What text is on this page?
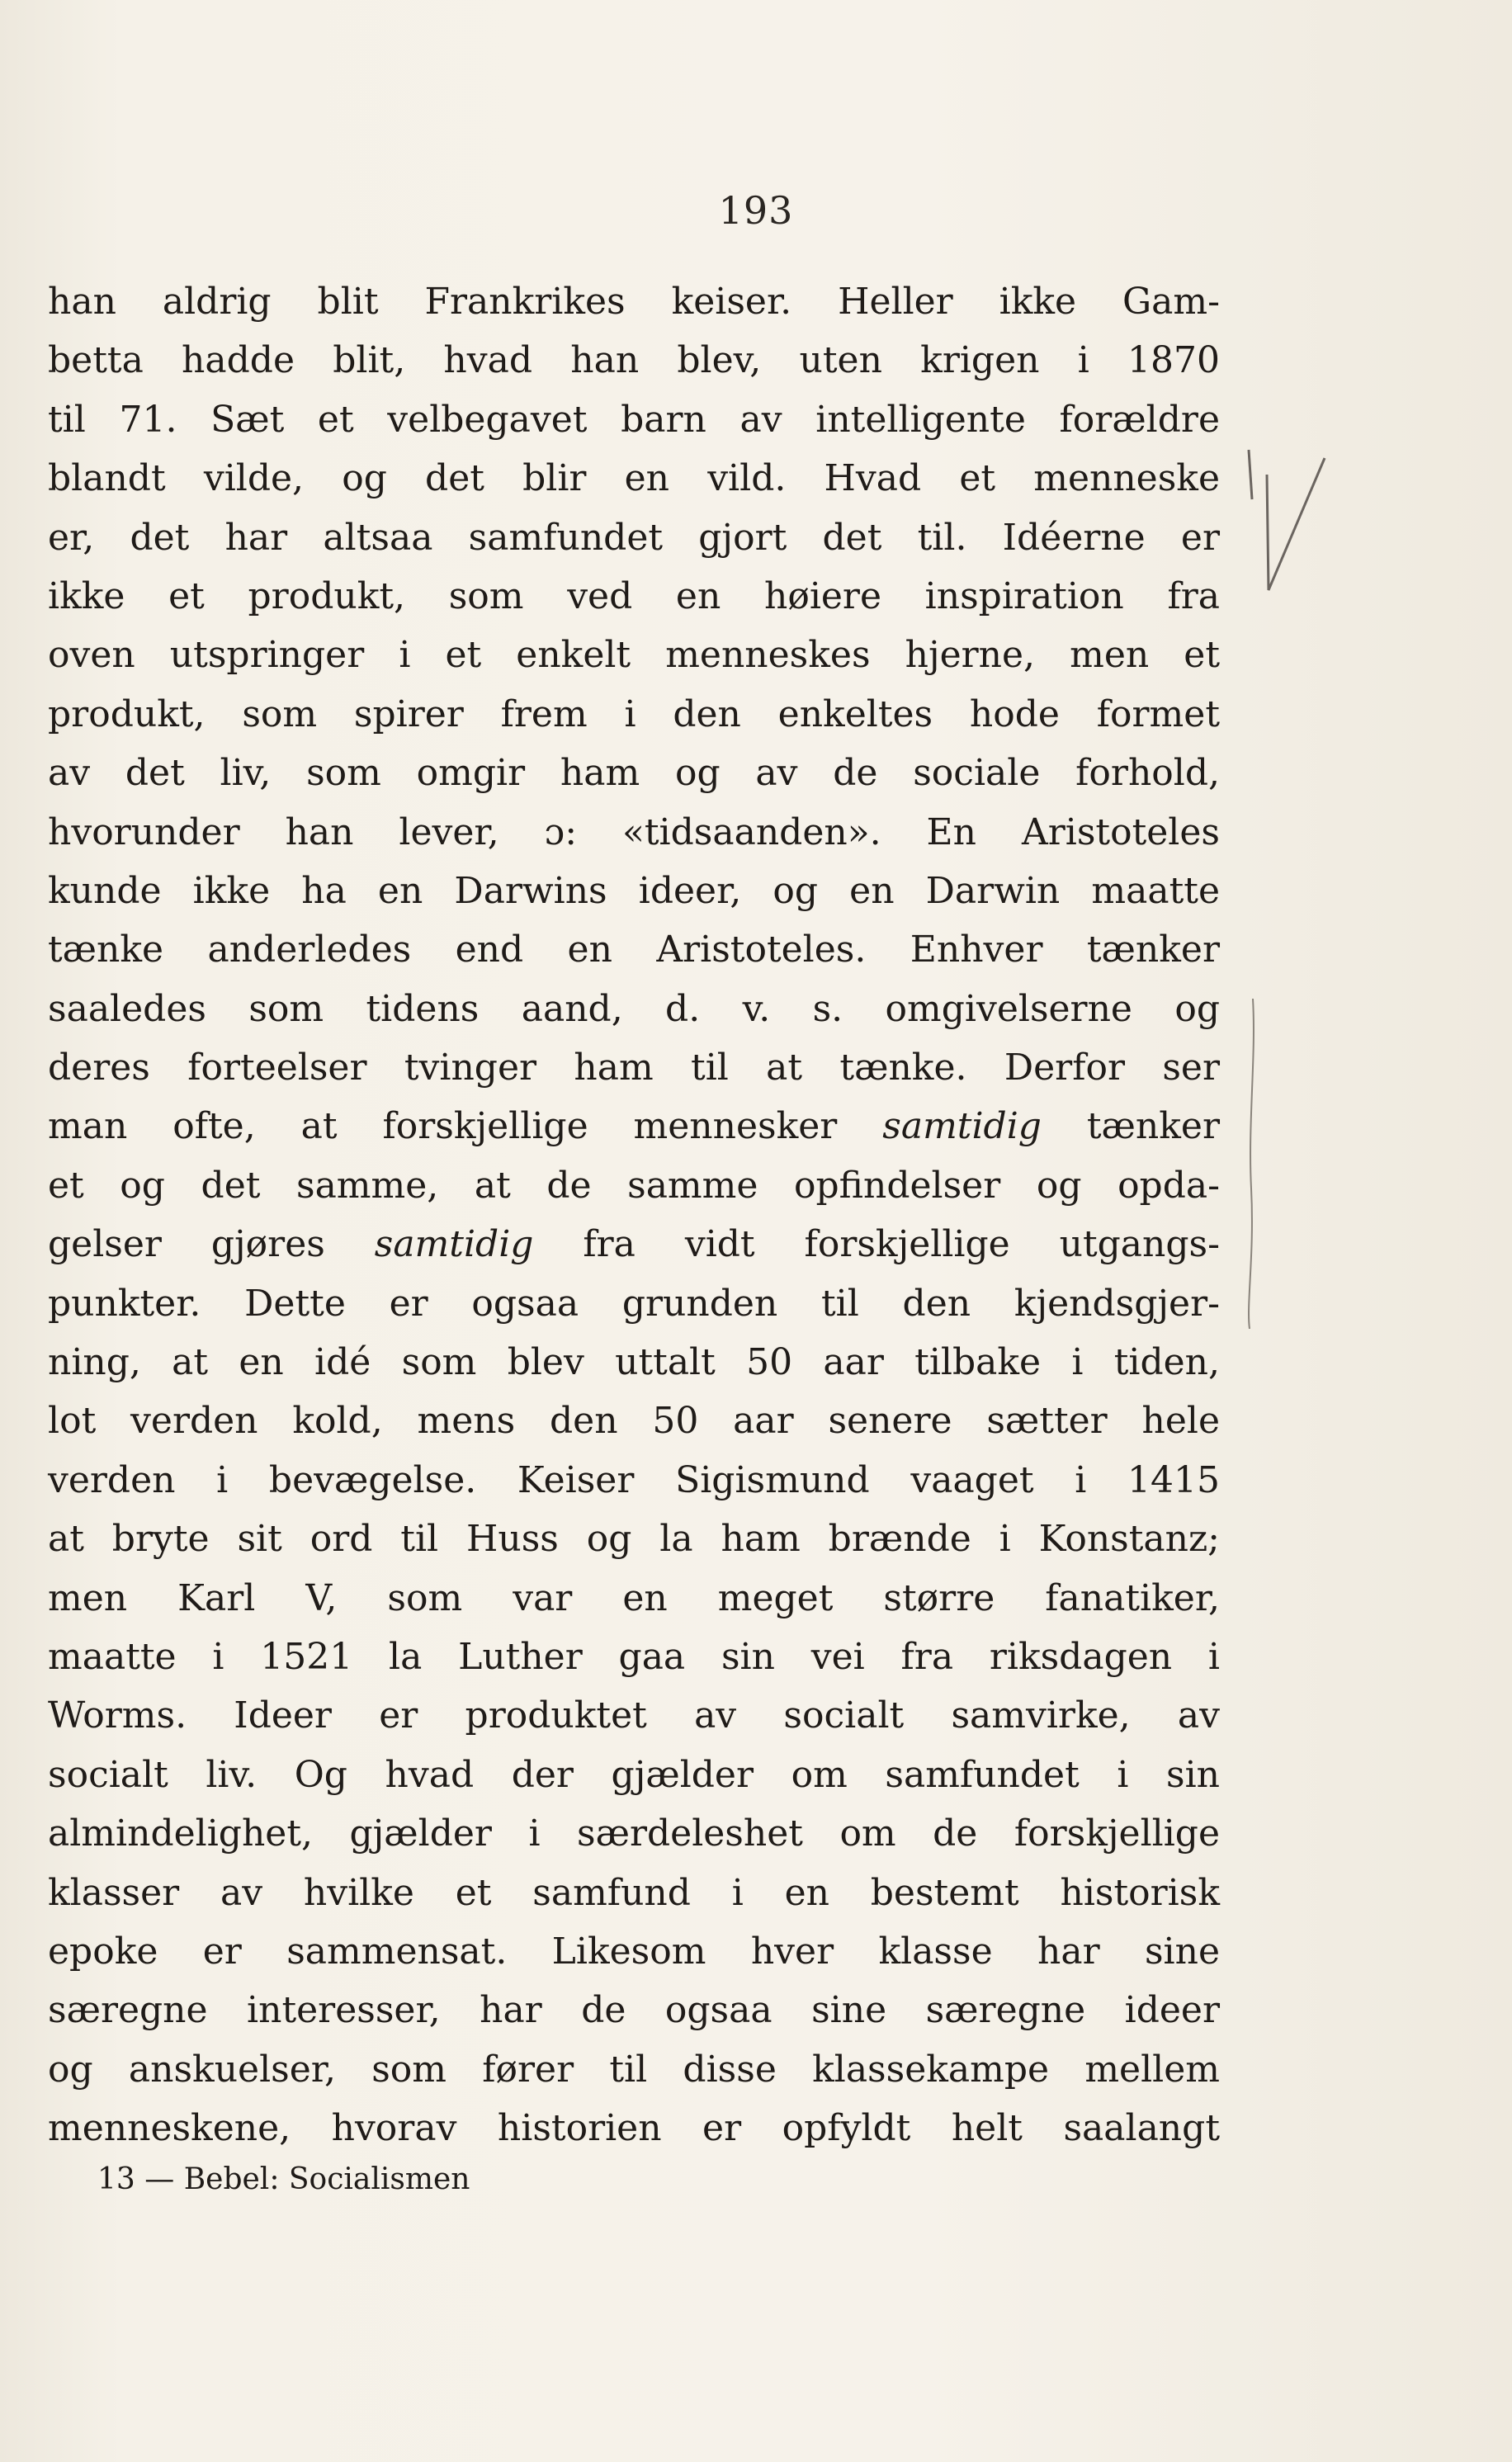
193
han aldrig blit Frankrikes keiser. Heller ikke Gam-
betta hadde blit, hvad han blev, uten krigen i 1870
til 71. Sæt et velbegavet barn av intelligente forældre
blandt vilde, og det blir en vild. Hvad et menneske
er, det har altsaa samfundet gjort det til. Idéerne er
ikke et produkt, som ved en høiere inspiration fra
oven utspringer i et enkelt menneskes hjerne, men et
produkt, som spirer frem i den enkeltes hode formet
av det liv, som omgir ham og av de sociale forhold,
hvorunder han lever, ɔ: «tidsaanden». En Aristoteles
kunde ikke ha en Darwins ideer, og en Darwin maatte
tænke anderledes end en Aristoteles. Enhver tænker
saaledes som tidens aand, d. v. s. omgivelserne og
deres forteelser tvinger ham til at tænke. Derfor ser
man ofte, at forskjellige mennesker samtidig tænker
et og det samme, at de samme opfindelser og opda-
gelser gjøres samtidig fra vidt forskjellige utgangs-
punkter. Dette er ogsaa grunden til den kjendsgjer-
ning, at en idé som blev uttalt 50 aar tilbake i tiden,
lot verden kold, mens den 50 aar senere sætter hele
verden i bevægelse. Keiser Sigismund vaaget i 1415
at bryte sit ord til Huss og la ham brænde i Konstanz;
men Karl V, som var en meget større fanatiker,
maatte i 1521 la Luther gaa sin vei fra riksdagen i
Worms. Ideer er produktet av socialt samvirke, av
socialt liv. Og hvad der gjælder om samfundet i sin
almindelighet, gjælder i særdeleshet om de forskjellige
klasser av hvilke et samfund i en bestemt historisk
epoke er sammensat. Likesom hver klasse har sine
særegne interesser, har de ogsaa sine særegne ideer
og anskuelser, som fører til disse klassekampe mellem
menneskene, hvorav historien er opfyldt helt saalangt
13 — Bebel: Socialismen
